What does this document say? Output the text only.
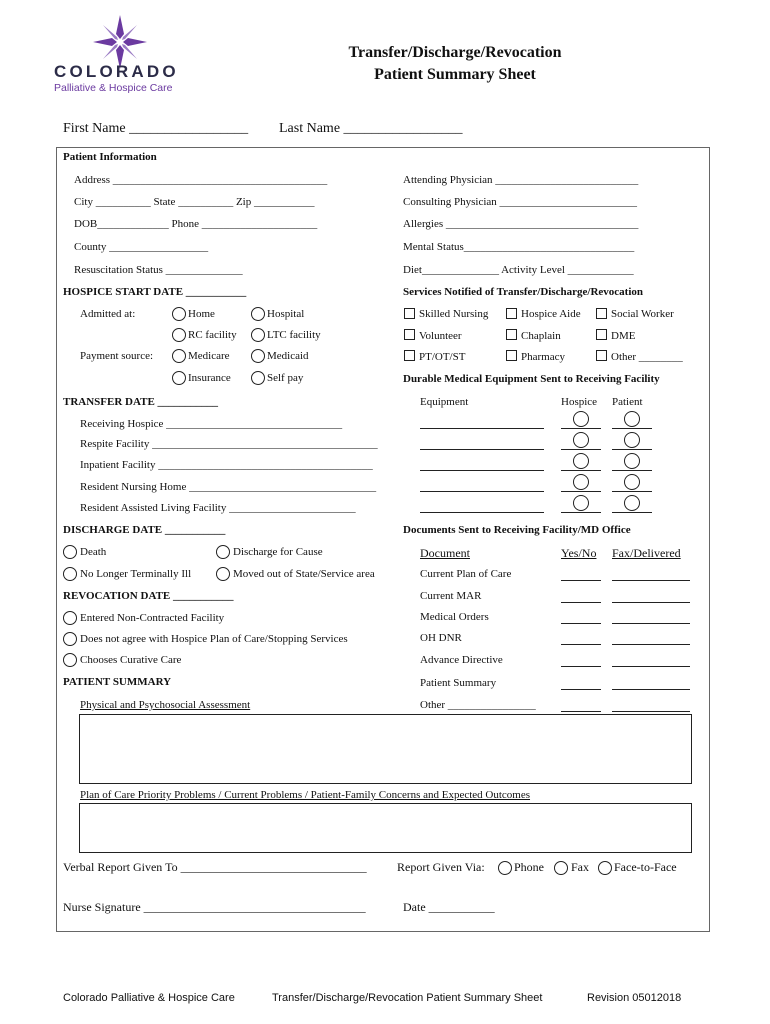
COLORADO
Palliative & Hospice Care
Transfer/Discharge/Revocation
Patient Summary Sheet
First Name _________________ Last Name _________________
Patient Information
Address _______________________________________
City __________ State __________ Zip ___________
DOB_____________ Phone _____________________
County __________________
Resuscitation Status ______________
Attending Physician __________________________
Consulting Physician _________________________
Allergies ___________________________________
Mental Status_______________________________
Diet______________ Activity Level ____________
HOSPICE START DATE ___________
Admitted at:
Payment source:
Home	Hospital
RC facility	LTC facility
Medicare	Medicaid
Insurance	Self pay
Services Notified of Transfer/Discharge/Revocation
Skilled Nursing	Hospice Aide	Social Worker
Volunteer	Chaplain	DME
PT/OT/ST	Pharmacy	Other ________
Durable Medical Equipment Sent to Receiving Facility
Equipment	Hospice Patient
TRANSFER DATE ___________
Receiving Hospice ________________________________
Respite Facility _________________________________________
Inpatient Facility _______________________________________
Resident Nursing Home __________________________________
Resident Assisted Living Facility _______________________
DISCHARGE DATE ___________
Death	Discharge for Cause
No Longer Terminally Ill	Moved out of State/Service area
Documents Sent to Receiving Facility/MD Office
Document	Yes/No Fax/Delivered
Current Plan of Care
Current MAR
Medical Orders
OH DNR
Advance Directive
Patient Summary
Other ________________
REVOCATION DATE ___________
Entered Non-Contracted Facility
Does not agree with Hospice Plan of Care/Stopping Services
Chooses Curative Care
PATIENT SUMMARY
Physical and Psychosocial Assessment
Plan of Care Priority Problems / Current Problems / Patient-Family Concerns and Expected Outcomes
Verbal Report Given To _______________________________	Report Given Via: Phone Fax Face-to-Face
Nurse Signature _____________________________________	Date ___________
Colorado Palliative & Hospice Care	Transfer/Discharge/Revocation Patient Summary Sheet	Revision 05012018
